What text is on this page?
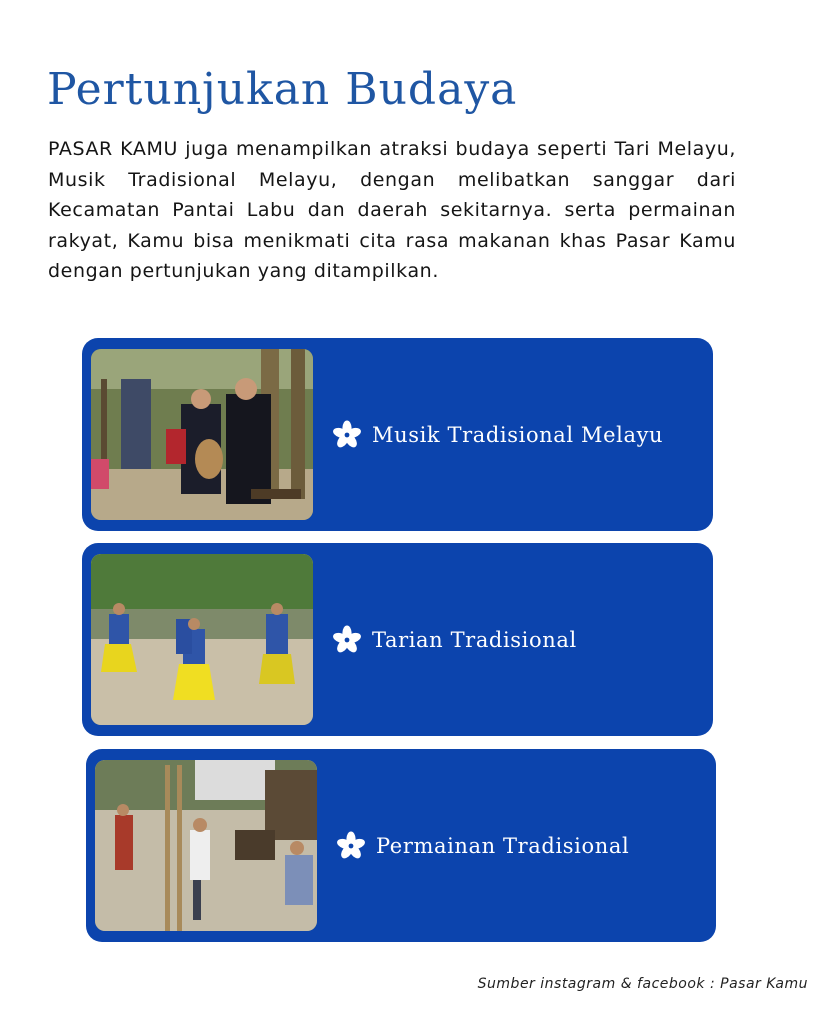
Pertunjukan Budaya

PASAR KAMU juga menampilkan atraksi budaya seperti Tari Melayu, Musik Tradisional Melayu, dengan melibatkan sanggar dari Kecamatan Pantai Labu dan daerah sekitarnya. serta permainan rakyat, Kamu bisa menikmati cita rasa makanan khas Pasar Kamu dengan pertunjukan yang ditampilkan.

Musik Tradisional Melayu
Tarian Tradisional
Permainan Tradisional
Sumber instagram & facebook : Pasar Kamu
